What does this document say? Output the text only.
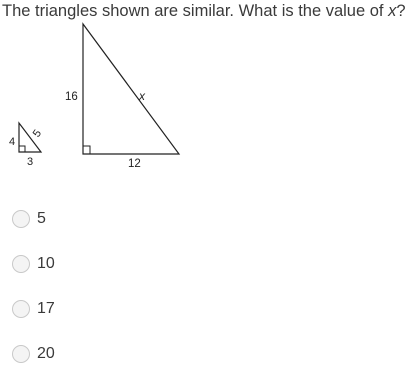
The triangles shown are similar. What is the value of x?
4
5
3
16	x
12
5
10
17
20
